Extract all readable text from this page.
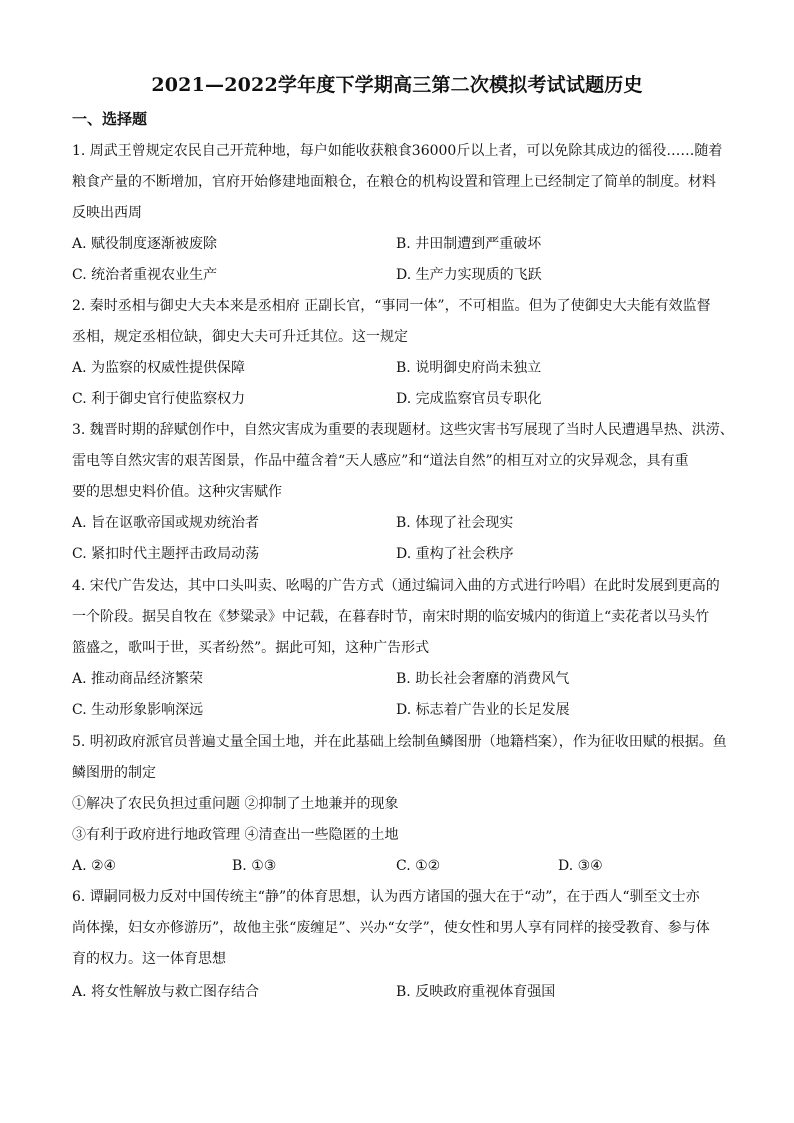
2021—2022学年度下学期高三第二次模拟考试试题历史
一、选择题
1. 周武王曾规定农民自己开荒种地，每户如能收获粮食36000斤以上者，可以免除其成边的徭役……随着
粮食产量的不断增加，官府开始修建地面粮仓，在粮仓的机构设置和管理上已经制定了简单的制度。材料
反映出西周
A. 赋役制度逐渐被废除	B. 井田制遭到严重破坏
C. 统治者重视农业生产	D. 生产力实现质的飞跃
2. 秦时丞相与御史大夫本来是丞相府 正副长官，“事同一体”，不可相监。但为了使御史大夫能有效监督
丞相，规定丞相位缺，御史大夫可升迁其位。这一规定
A. 为监察的权威性提供保障	B. 说明御史府尚未独立
C. 利于御史官行使监察权力	D. 完成监察官员专职化
3. 魏晋时期的辞赋创作中，自然灾害成为重要的表现题材。这些灾害书写展现了当时人民遭遇旱热、洪涝、
雷电等自然灾害的艰苦图景，作品中蕴含着“天人感应”和“道法自然”的相互对立的灾异观念，具有重
要的思想史料价值。这种灾害赋作
A. 旨在讴歌帝国或规劝统治者	B. 体现了社会现实
C. 紧扣时代主题抨击政局动荡	D. 重构了社会秩序
4. 宋代广告发达，其中口头叫卖、吆喝的广告方式（通过编词入曲的方式进行吟唱）在此时发展到更高的
一个阶段。据吴自牧在《梦粱录》中记载，在暮春时节，南宋时期的临安城内的街道上“卖花者以马头竹
篮盛之，歌叫于世，买者纷然”。据此可知，这种广告形式
A. 推动商品经济繁荣	B. 助长社会奢靡的消费风气
C. 生动形象影响深远	D. 标志着广告业的长足发展
5. 明初政府派官员普遍丈量全国土地，并在此基础上绘制鱼鳞图册（地籍档案），作为征收田赋的根据。鱼
鳞图册的制定
①解决了农民负担过重问题 ②抑制了土地兼并的现象
③有利于政府进行地政管理 ④清查出一些隐匿的土地
A. ②④	B. ①③	C. ①②	D. ③④
6. 谭嗣同极力反对中国传统主“静”的体育思想，认为西方诸国的强大在于“动”，在于西人“驯至文士亦
尚体操，妇女亦修游历”，故他主张“废缠足”、兴办“女学”，使女性和男人享有同样的接受教育、参与体
育的权力。这一体育思想
A. 将女性解放与救亡图存结合	B. 反映政府重视体育强国
